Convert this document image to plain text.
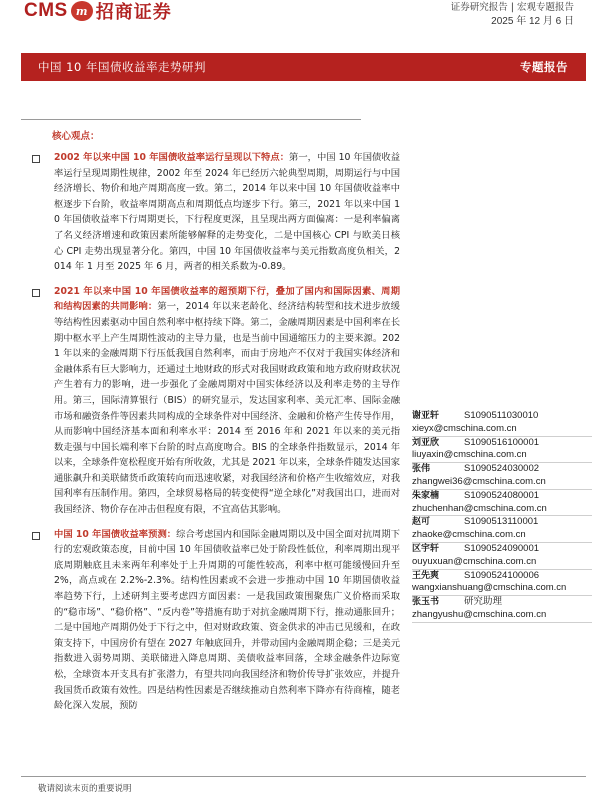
CMS m 招商证券	证券研究报告 | 宏观专题报告
2025 年 12 月 6 日
中国 10 年国债收益率走势研判	专题报告
核心观点：
2002 年以来中国 10 年国债收益率运行呈现以下特点：第一，中国 10 年国债收益率运行呈现周期性规律，2002 年至 2024 年已经历六轮典型周期，周期运行与中国经济增长、物价和地产周期高度一致。第二，2014 年以来中国 10 年国债收益率中枢逐步下台阶，收益率周期高点和周期低点均逐步下行。第三，2021 年以来中国 10 年国债收益率下行周期更长，下行程度更深，且呈现出两方面偏离：一是利率偏离了名义经济增速和政策因素所能够解释的走势变化，二是中国核心 CPI 与欧美日核心 CPI 走势出现显著分化。第四，中国 10 年国债收益率与美元指数高度负相关，2014 年 1 月至 2025 年 6 月，两者的相关系数为-0.89。
2021 年以来中国 10 年国债收益率的超预期下行，叠加了国内和国际因素、周期和结构因素的共同影响：第一，2014 年以来老龄化、经济结构转型和技术进步放缓等结构性因素驱动中国自然利率中枢持续下降。第二，金融周期因素是中国利率在长期中枢水平上产生周期性波动的主导力量，也是当前中国通缩压力的主要来源。2021 年以来的金融周期下行压低我国自然利率，而由于房地产不仅对于我国实体经济和金融体系有巨大影响力，还通过土地财政的形式对我国财政政策和地方政府财政状况产生着有力的影响，进一步强化了金融周期对中国实体经济以及利率走势的主导作用。第三，国际清算银行（BIS）的研究显示，发达国家利率、美元汇率、国际金融市场和融资条件等因素共同构成的全球条件对中国经济、金融和价格产生传导作用，从而影响中国经济基本面和利率水平：2014 至 2016 年和 2021 年以来的美元指数走强与中国长端利率下台阶的时点高度吻合。BIS 的全球条件指数显示，2014 年以来，全球条件宽松程度开始有所收敛，尤其是 2021 年以来，全球条件随发达国家通胀飙升和美联储货币政策转向而迅速收紧，对我国经济和价格产生收缩效应，对我国利率有压制作用。第四，全球贸易格局的转变使得“逆全球化”对我国出口，进而对我国经济、物价存在冲击但程度有限，不宜高估其影响。
中国 10 年国债收益率预测：综合考虑国内和国际金融周期以及中国全面对抗周期下行的宏观政策态度，目前中国 10 年国债收益率已处于阶段性低位，利率周期出现平底周期触底且未来两年利率处于上升周期的可能性较高，利率中枢可能缓慢回升至 2%，高点或在 2.2%-2.3%。结构性因素或不会进一步推动中国 10 年期国债收益率趋势下行，上述研判主要考虑四方面因素：一是我国政策围聚焦广义价格而采取的“稳市场”、“稳价格”、“反内卷”等措施有助于对抗金融周期下行，推动通胀回升；二是中国地产周期仍处于下行之中，但对财政政策、资金供求的冲击已见缓和，在政策支持下，中国房价有望在 2027 年触底回升，并带动国内金融周期企稳；三是美元指数进入弱势周期、美联储进入降息周期、美债收益率回落，全球金融条件边际宽松，全球资本开支具有扩张潜力，有望共同向我国经济和物价传导扩张效应，并提升我国货币政策有效性。四是结构性因素是否继续推动自然利率下降亦有待商榷，随老龄化深入发展，预防
谢亚轩	S1090511030010
xieyx@cmschina.com.cn
刘亚欣	S1090516100001
liuyaxin@cmschina.com.cn
张伟	S1090524030002
zhangwei36@cmschina.com.cn
朱家楠	S1090524080001
zhuchenhan@cmschina.com.cn
赵可	S1090513110001
zhaoke@cmschina.com.cn
区宇轩	S1090524090001
ouyuxuan@cmschina.com.cn
王先爽	S1090524100006
wangxianshuang@cmschina.com.cn
张玉书	研究助理
zhangyushu@cmschina.com.cn
敬请阅读末页的重要说明
